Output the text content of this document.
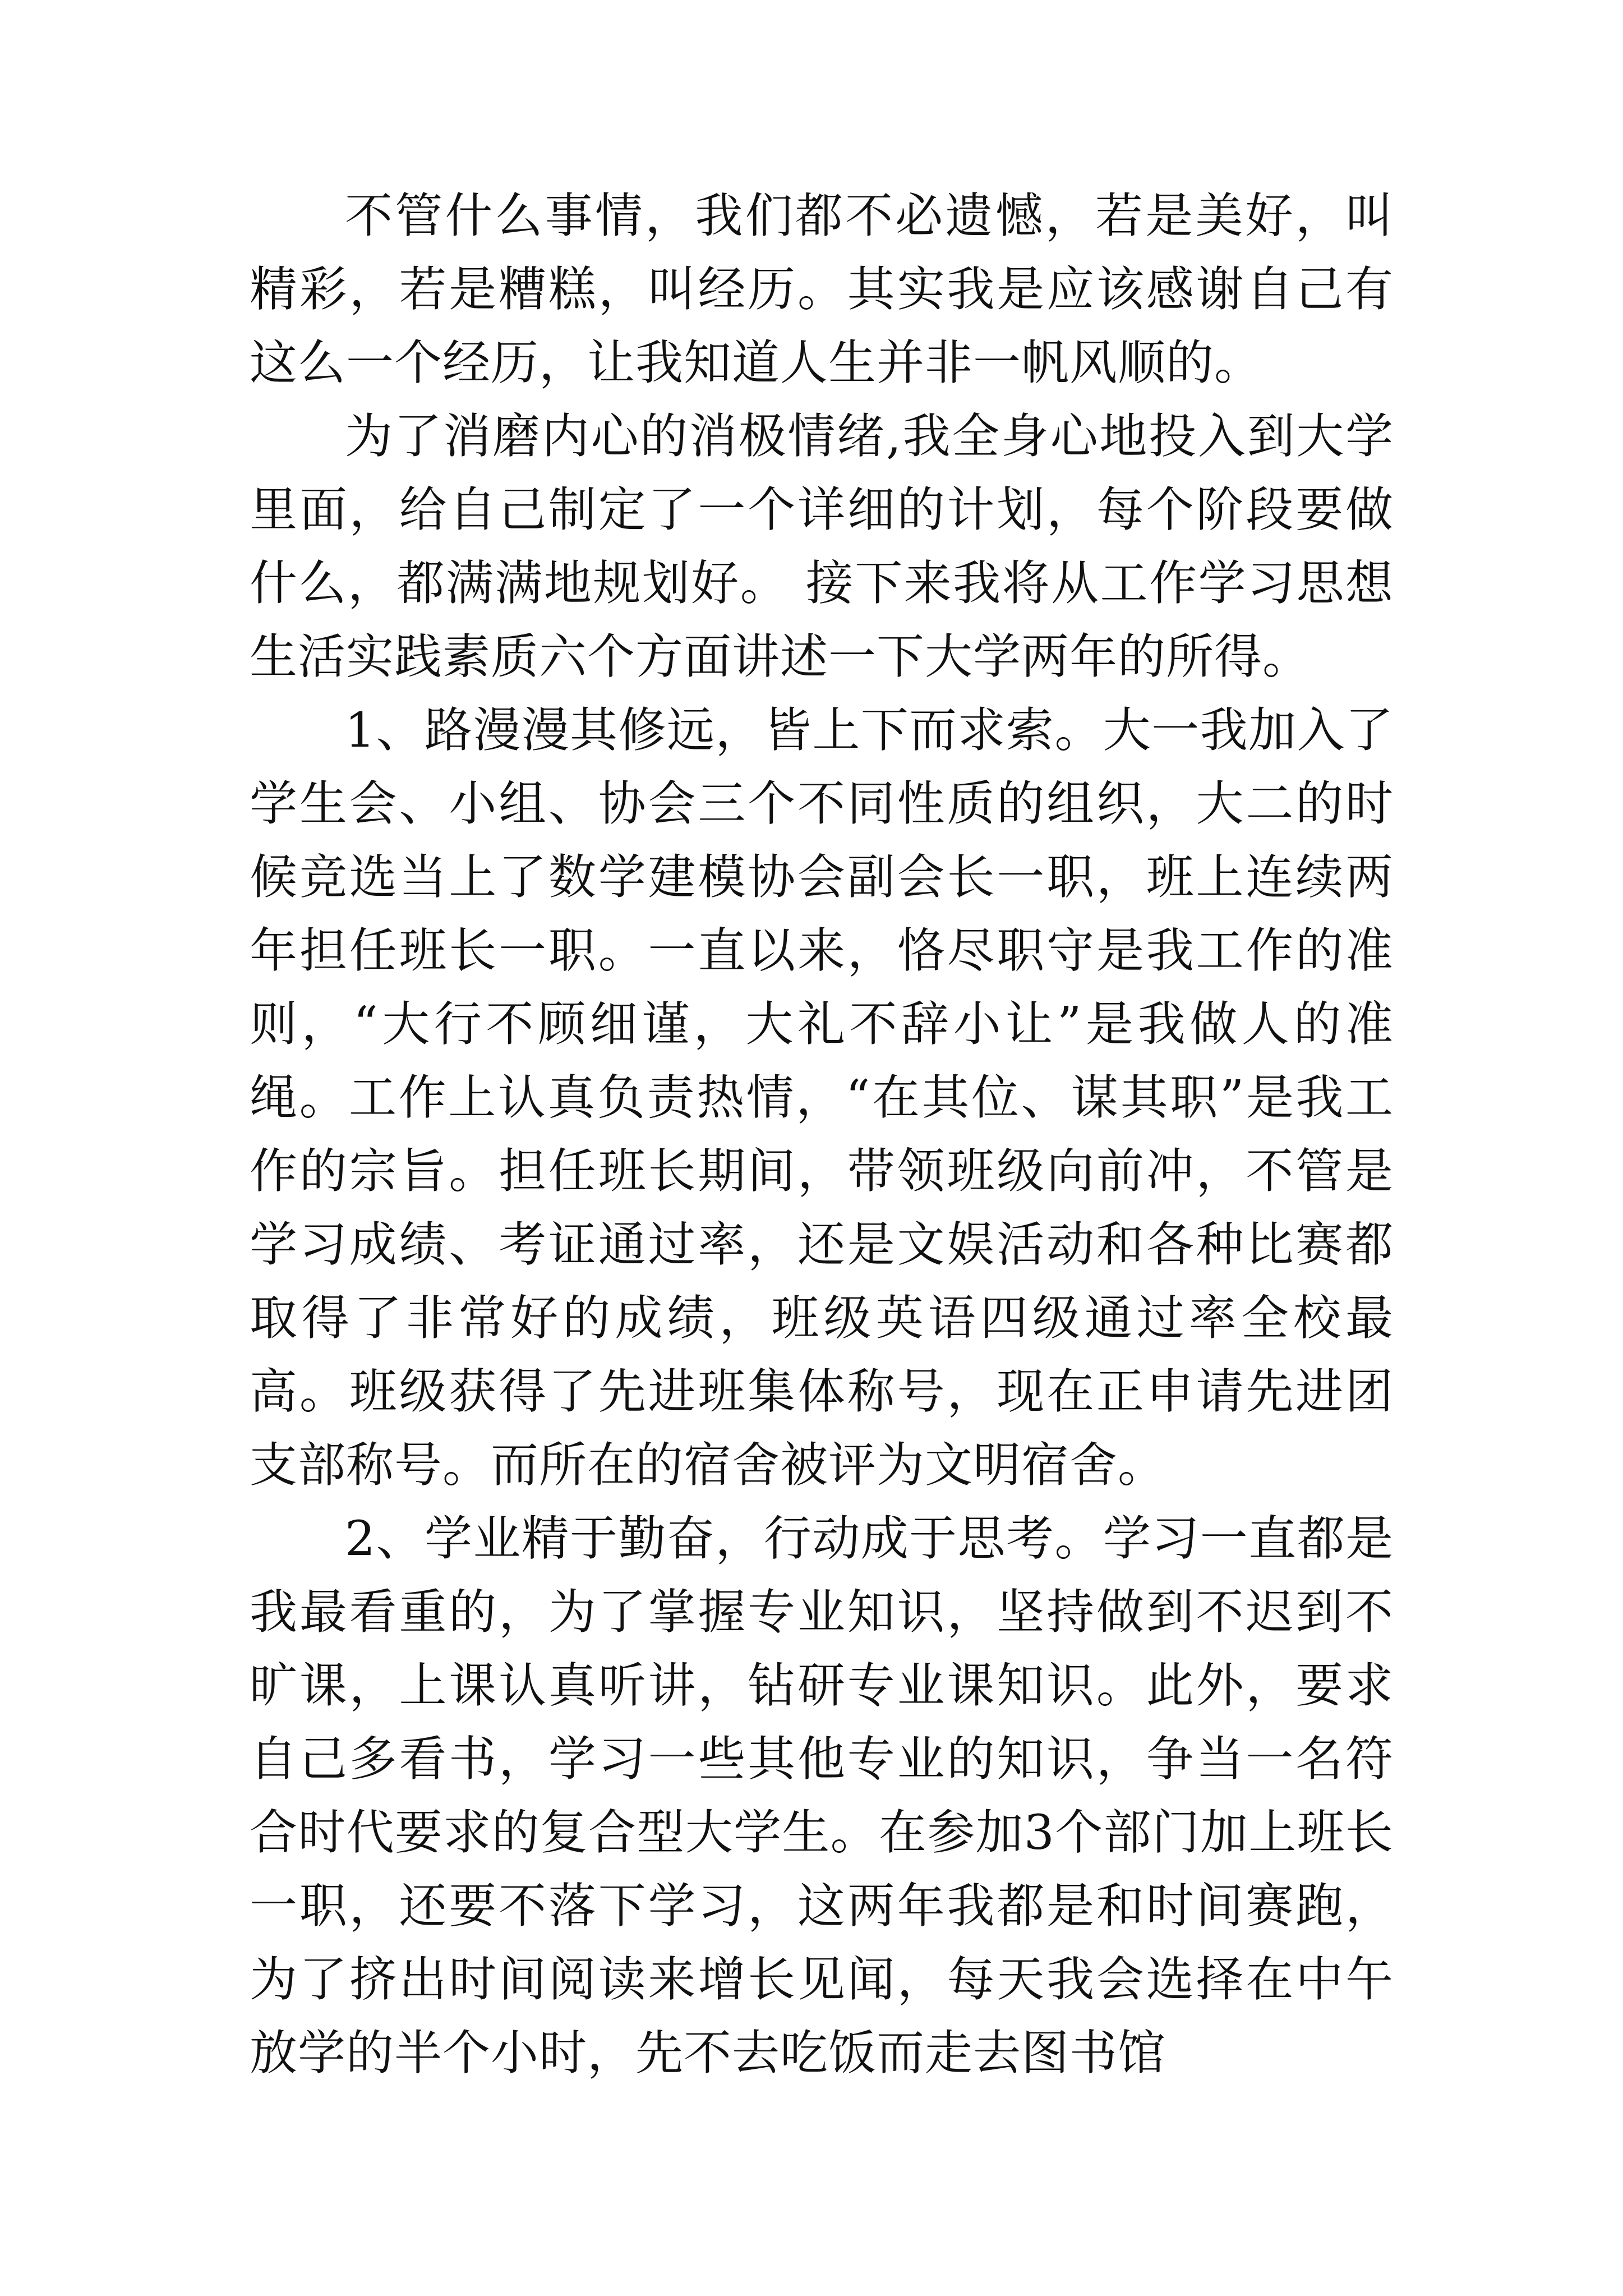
不管什么事情，我们都不必遗憾，若是美好，叫精彩，若是糟糕，叫经历。其实我是应该感谢自己有这么一个经历，让我知道人生并非一帆风顺的。

为了消磨内心的消极情绪,我全身心地投入到大学里面，给自己制定了一个详细的计划，每个阶段要做什么，都满满地规划好。 接下来我将从工作学习思想生活实践素质六个方面讲述一下大学两年的所得。

1、路漫漫其修远，皆上下而求索。大一我加入了学生会、小组、协会三个不同性质的组织，大二的时候竞选当上了数学建模协会副会长一职，班上连续两年担任班长一职。一直以来，恪尽职守是我工作的准则，“大行不顾细谨，大礼不辞小让”是我做人的准绳。工作上认真负责热情，“在其位、谋其职”是我工作的宗旨。担任班长期间，带领班级向前冲，不管是学习成绩、考证通过率，还是文娱活动和各种比赛都取得了非常好的成绩，班级英语四级通过率全校最高。班级获得了先进班集体称号，现在正申请先进团支部称号。而所在的宿舍被评为文明宿舍。

2、学业精于勤奋，行动成于思考。学习一直都是我最看重的，为了掌握专业知识，坚持做到不迟到不旷课，上课认真听讲，钻研专业课知识。此外，要求自己多看书，学习一些其他专业的知识，争当一名符合时代要求的复合型大学生。在参加3个部门加上班长一职，还要不落下学习，这两年我都是和时间赛跑，为了挤出时间阅读来增长见闻，每天我会选择在中午放学的半个小时，先不去吃饭而走去图书馆
